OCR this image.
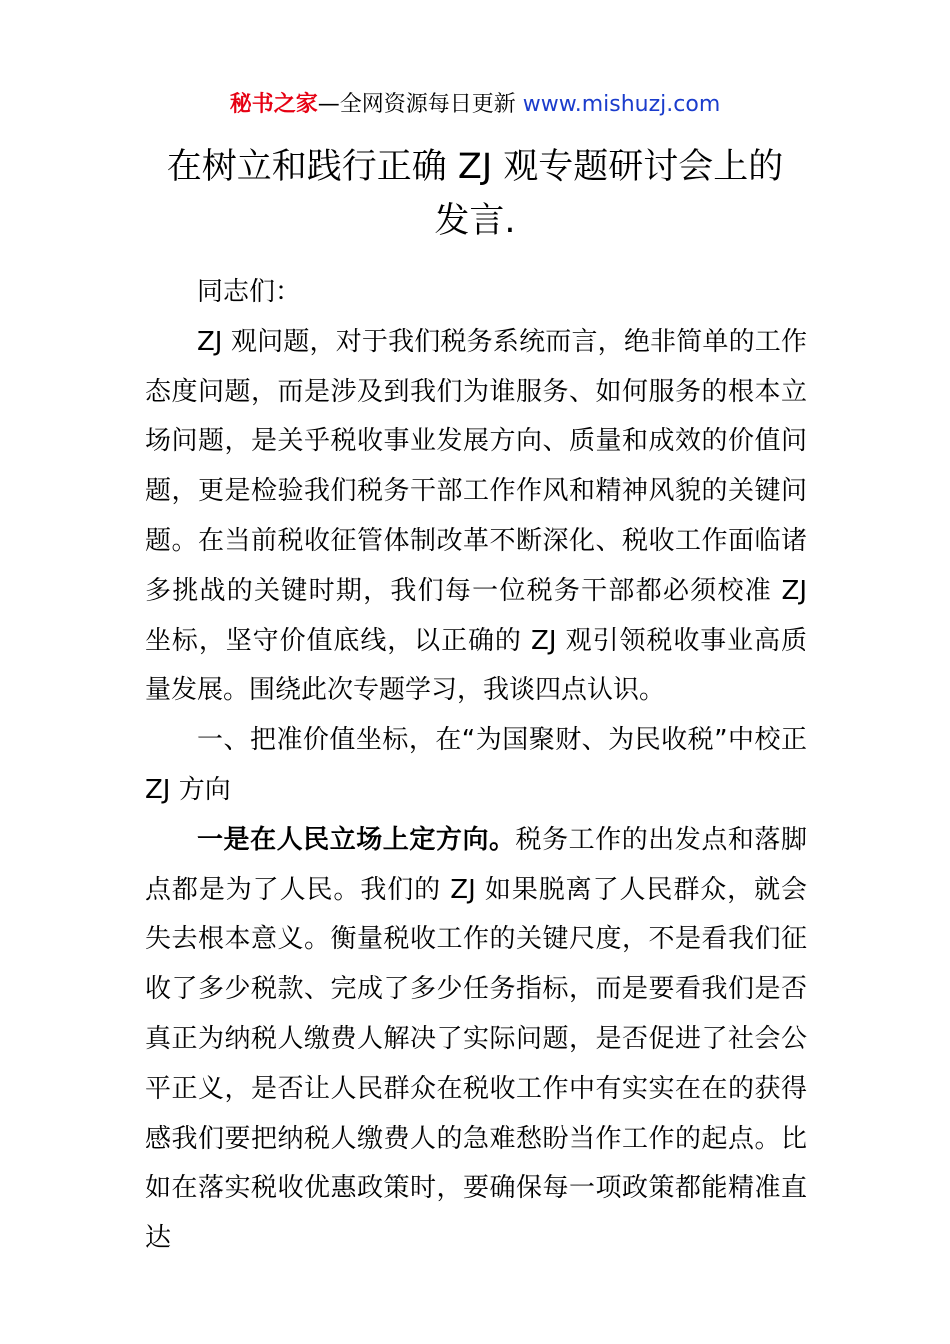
秘书之家—全网资源每日更新 www.mishuzj.com
在树立和践行正确 ZJ 观专题研讨会上的发言.

同志们：

ZJ 观问题，对于我们税务系统而言，绝非简单的工作态度问题，而是涉及到我们为谁服务、如何服务的根本立场问题，是关乎税收事业发展方向、质量和成效的价值问题，更是检验我们税务干部工作作风和精神风貌的关键问题。在当前税收征管体制改革不断深化、税收工作面临诸多挑战的关键时期，我们每一位税务干部都必须校准 ZJ 坐标，坚守价值底线，以正确的 ZJ 观引领税收事业高质量发展。围绕此次专题学习，我谈四点认识。

一、把准价值坐标，在“为国聚财、为民收税”中校正 ZJ 方向

一是在人民立场上定方向。税务工作的出发点和落脚点都是为了人民。我们的 ZJ 如果脱离了人民群众，就会失去根本意义。衡量税收工作的关键尺度，不是看我们征收了多少税款、完成了多少任务指标，而是要看我们是否真正为纳税人缴费人解决了实际问题，是否促进了社会公平正义，是否让人民群众在税收工作中有实实在在的获得感我们要把纳税人缴费人的急难愁盼当作工作的起点。比如在落实税收优惠政策时，要确保每一项政策都能精准直达
